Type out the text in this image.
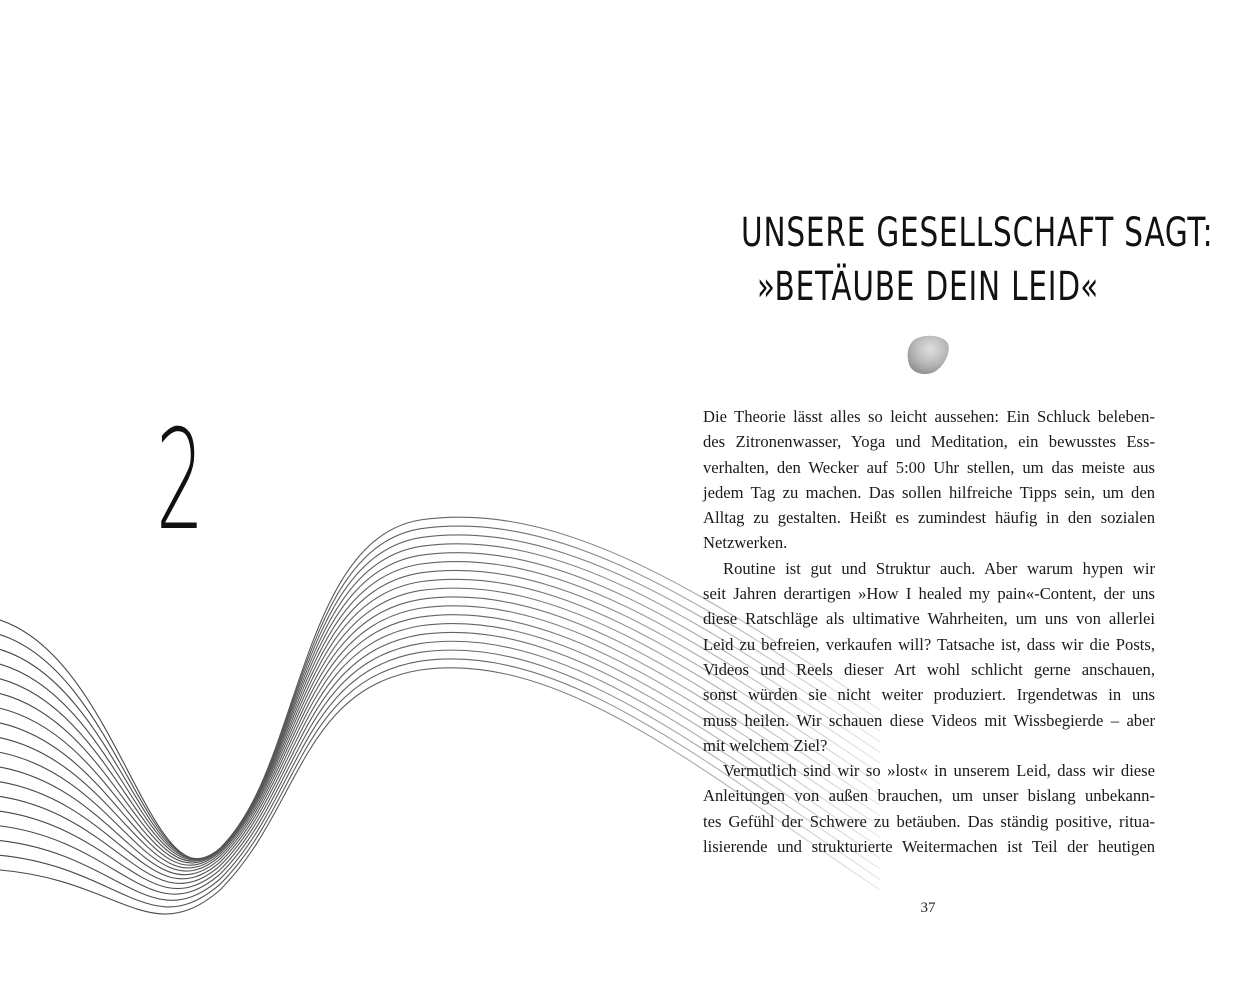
2
UNSERE GESELLSCHAFT SAGT:
»BETÄUBE DEIN LEID«
Die Theorie lässt alles so leicht aussehen: Ein Schluck beleben-
des Zitronenwasser, Yoga und Meditation, ein bewusstes Ess-
verhalten, den Wecker auf 5:00 Uhr stellen, um das meiste aus
jedem Tag zu machen. Das sollen hilfreiche Tipps sein, um den
Alltag zu gestalten. Heißt es zumindest häufig in den sozialen
Netzwerken.
Routine ist gut und Struktur auch. Aber warum hypen wir
seit Jahren derartigen »How I healed my pain«-Content, der uns
diese Ratschläge als ultimative Wahrheiten, um uns von allerlei
Leid zu befreien, verkaufen will? Tatsache ist, dass wir die Posts,
Videos und Reels dieser Art wohl schlicht gerne anschauen,
sonst würden sie nicht weiter produziert. Irgendetwas in uns
muss heilen. Wir schauen diese Videos mit Wissbegierde – aber
mit welchem Ziel?
Vermutlich sind wir so »lost« in unserem Leid, dass wir diese
Anleitungen von außen brauchen, um unser bislang unbekann-
tes Gefühl der Schwere zu betäuben. Das ständig positive, ritua-
lisierende und strukturierte Weitermachen ist Teil der heutigen
37
